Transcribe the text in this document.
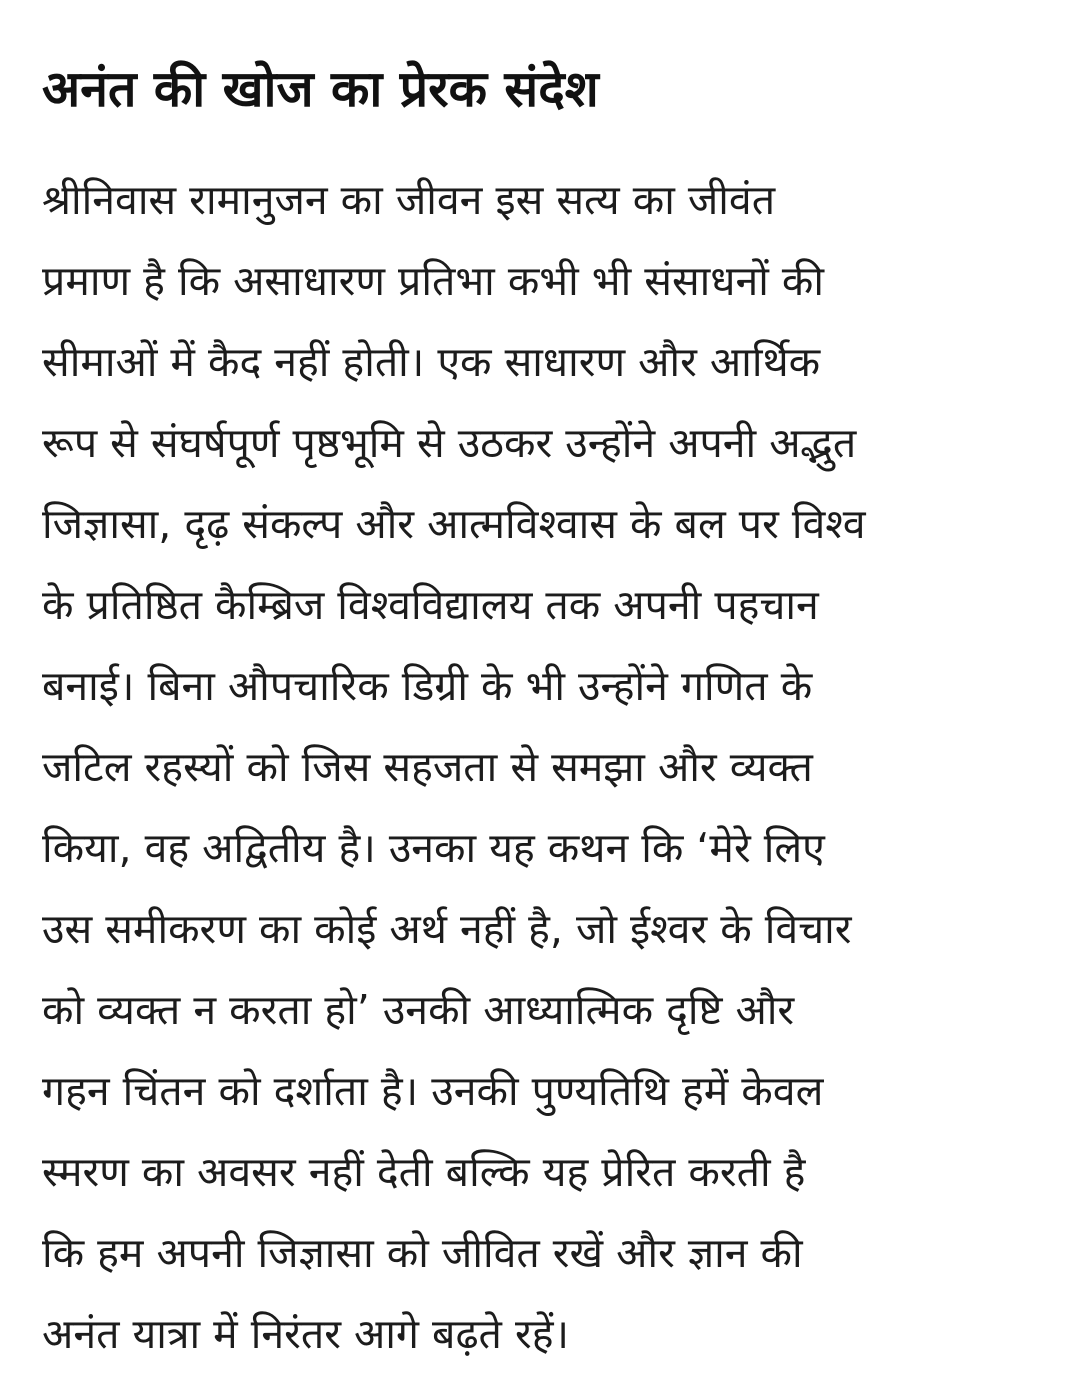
अनंत की खोज का प्रेरक संदेश
श्रीनिवास रामानुजन का जीवन इस सत्य का जीवंत
प्रमाण है कि असाधारण प्रतिभा कभी भी संसाधनों की
सीमाओं में कैद नहीं होती। एक साधारण और आर्थिक
रूप से संघर्षपूर्ण पृष्ठभूमि से उठकर उन्होंने अपनी अद्भुत
जिज्ञासा, दृढ़ संकल्प और आत्मविश्वास के बल पर विश्व
के प्रतिष्ठित कैम्ब्रिज विश्वविद्यालय तक अपनी पहचान
बनाई। बिना औपचारिक डिग्री के भी उन्होंने गणित के
जटिल रहस्यों को जिस सहजता से समझा और व्यक्त
किया, वह अद्वितीय है। उनका यह कथन कि ‘मेरे लिए
उस समीकरण का कोई अर्थ नहीं है, जो ईश्वर के विचार
को व्यक्त न करता हो’ उनकी आध्यात्मिक दृष्टि और
गहन चिंतन को दर्शाता है। उनकी पुण्यतिथि हमें केवल
स्मरण का अवसर नहीं देती बल्कि यह प्रेरित करती है
कि हम अपनी जिज्ञासा को जीवित रखें और ज्ञान की
अनंत यात्रा में निरंतर आगे बढ़ते रहें।
